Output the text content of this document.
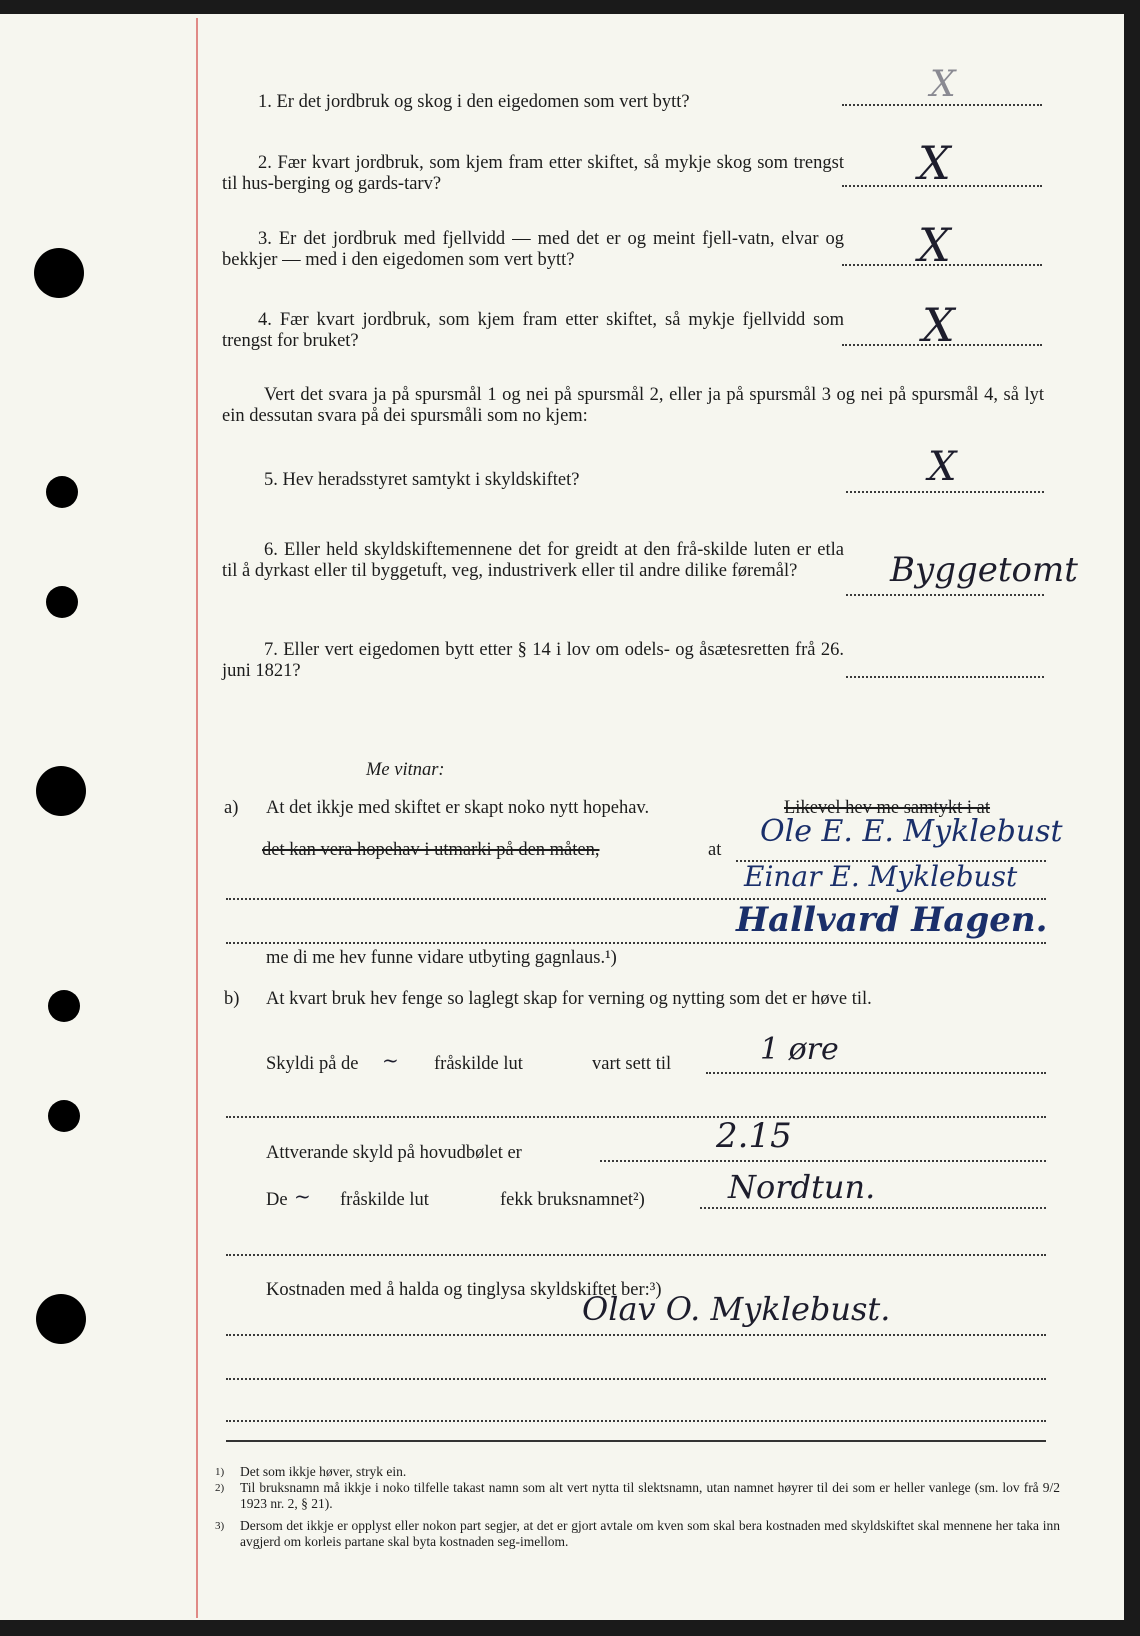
1. Er det jordbruk og skog i den eigedomen som vert bytt?	X

2. Fær kvart jordbruk, som kjem fram etter skiftet, så mykje skog som trengst til hus-berging og gards-tarv?	X

3. Er det jordbruk med fjellvidd — med det er og meint fjell-vatn, elvar og bekkjer — med i den eigedomen som vert bytt?	X

4. Fær kvart jordbruk, som kjem fram etter skiftet, så mykje fjellvidd som trengst for bruket?	X

Vert det svara ja på spursmål 1 og nei på spursmål 2, eller ja på spursmål 3 og nei på spursmål 4, så lyt ein dessutan svara på dei spursmåli som no kjem:

5. Hev heradsstyret samtykt i skyldskiftet?	X

6. Eller held skyldskiftemennene det for greidt at den frå-skilde luten er etla til å dyrkast eller til byggetuft, veg, industriverk eller til andre dilike føremål?	Byggetomt

7. Eller vert eigedomen bytt etter § 14 i lov om odels- og åsætesretten frå 26. juni 1821?

Me vitnar:
a) At det ikkje med skiftet er skapt noko nytt hopehav.	Likevel hev me samtykt i at
det kan vera hopehav i utmarki på den måten,	at
Ole E. E. Myklebust
Einar E. Myklebust
Hallvard Hagen.
me di me hev funne vidare utbyting gagnlaus.¹)
b) At kvart bruk hev fenge so laglegt skap for verning og nytting som det er høve til.
Skyldi på de ~ fråskilde lut	vart sett til	1 øre
Attverande skyld på hovudbølet er	2.15
De ~ fråskilde lut	fekk bruksnamnet²)	Nordtun.
Kostnaden med å halda og tinglysa skyldskiftet ber:³)
Olav O. Myklebust.
1) Det som ikkje høver, stryk ein.
2) Til bruksnamn må ikkje i noko tilfelle takast namn som alt vert nytta til slektsnamn, utan namnet høyrer til dei som er heller vanlege (sm. lov frå 9/2 1923 nr. 2, § 21).
3) Dersom det ikkje er opplyst eller nokon part segjer, at det er gjort avtale om kven som skal bera kostnaden med skyldskiftet skal mennene her taka inn avgjerd om korleis partane skal byta kostnaden seg-imellom.
